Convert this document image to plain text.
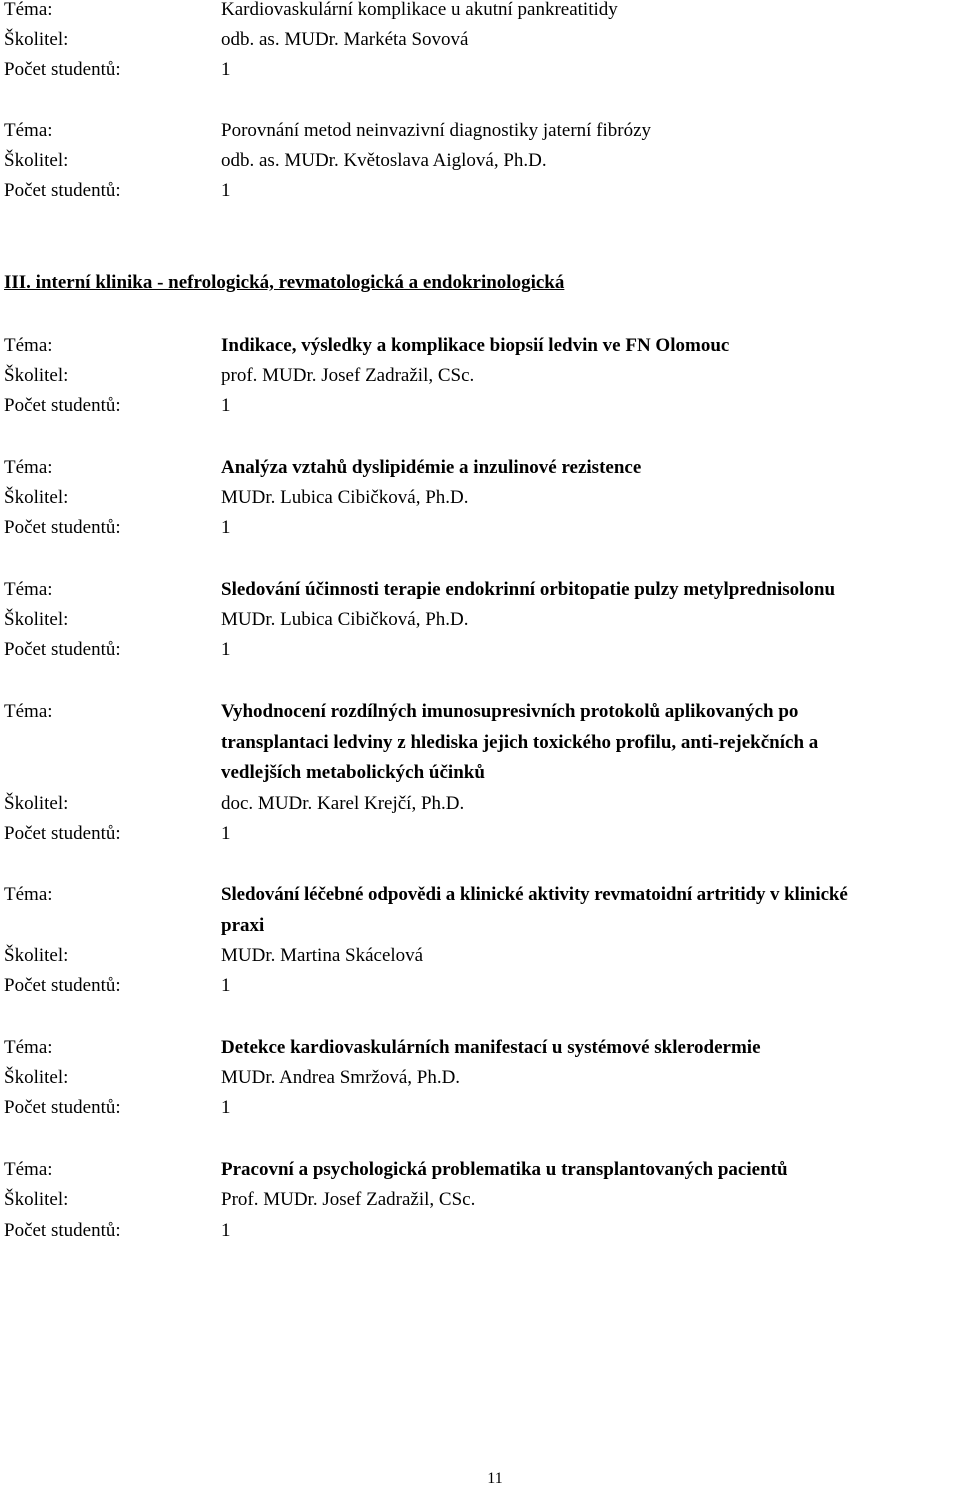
Téma:	Kardiovaskulární komplikace u akutní pankreatitidy
Školitel:	odb. as. MUDr. Markéta Sovová
Počet studentů:	1
Téma:	Porovnání metod neinvazivní diagnostiky jaterní fibrózy
Školitel:	odb. as. MUDr. Květoslava Aiglová, Ph.D.
Počet studentů:	1
III. interní klinika - nefrologická, revmatologická a endokrinologická
Téma:	Indikace, výsledky a komplikace biopsií ledvin ve FN Olomouc
Školitel:	prof. MUDr. Josef Zadražil, CSc.
Počet studentů:	1
Téma:	Analýza vztahů dyslipidémie a inzulinové rezistence
Školitel:	MUDr. Lubica Cibičková, Ph.D.
Počet studentů:	1
Téma:	Sledování účinnosti terapie endokrinní orbitopatie pulzy metylprednisolonu
Školitel:	MUDr. Lubica Cibičková, Ph.D.
Počet studentů:	1
Téma:	Vyhodnocení rozdílných imunosupresivních protokolů aplikovaných po
transplantaci ledviny z hlediska jejich toxického profilu, anti-rejekčních a
vedlejších metabolických účinků
Školitel:	doc. MUDr. Karel Krejčí, Ph.D.
Počet studentů:	1
Téma:	Sledování léčebné odpovědi a klinické aktivity revmatoidní artritidy v klinické
praxi
Školitel:	MUDr. Martina Skácelová
Počet studentů:	1
Téma:	Detekce kardiovaskulárních manifestací u systémové sklerodermie
Školitel:	MUDr. Andrea Smržová, Ph.D.
Počet studentů:	1
Téma:	Pracovní a psychologická problematika u transplantovaných pacientů
Školitel:	Prof. MUDr. Josef Zadražil, CSc.
Počet studentů:	1
11
